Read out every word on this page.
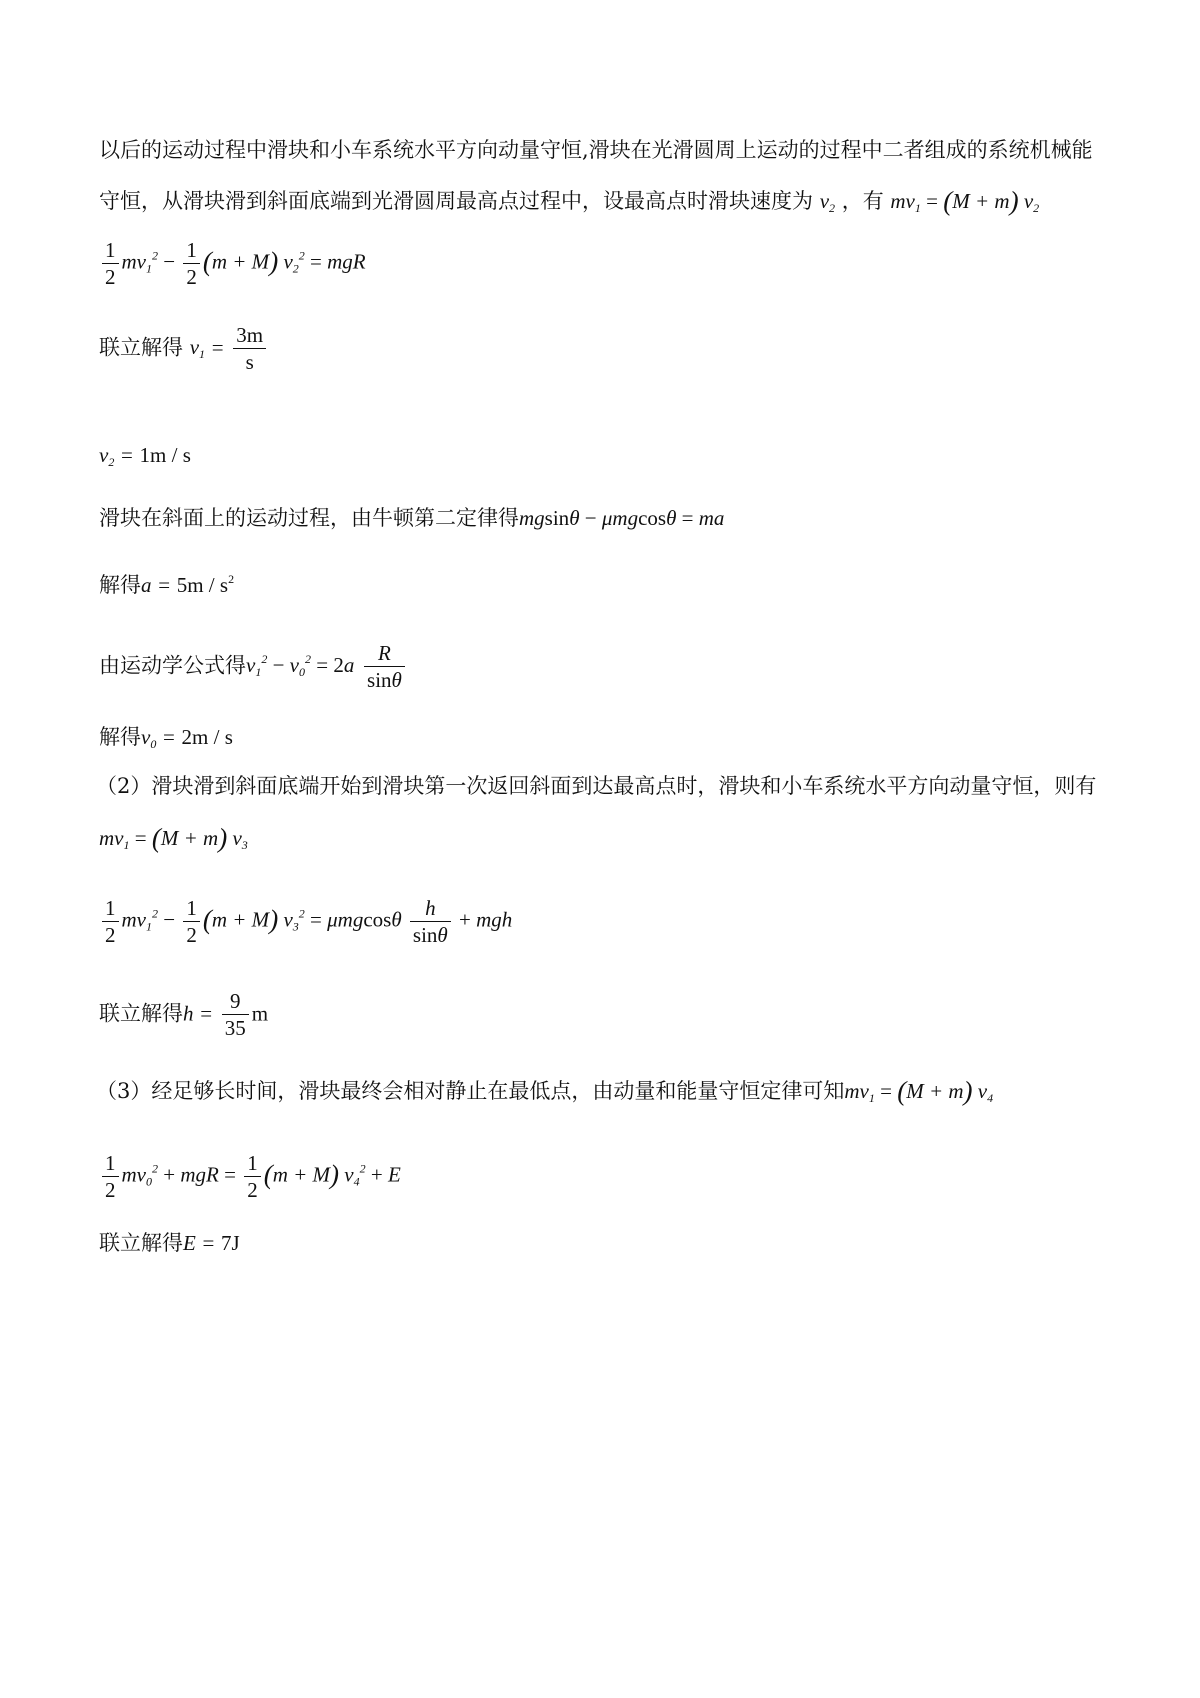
以后的运动过程中滑块和小车系统水平方向动量守恒,滑块在光滑圆周上运动的过程中二者组成的系统机械能
守恒，从滑块滑到斜面底端到光滑圆周最高点过程中，设最高点时滑块速度为 $v_2$ ，有 $mv_1 = (M + m)$ $v_2$
$\frac{1}{2} mv_1^2 - \frac{1}{2} (m + M) v_2^2$ = mgR
联立解得 $v_1 = \frac{3m}{s}$
$v_2 = 1m / s$
滑块在斜面上的运动过程，由牛顿第二定律得mgsinθ − μmgcosθ = ma
解得$a = 5m / s^2$
由运动学公式得$v_1^2 - v_0^2 = 2a \frac{R}{\sin\theta}$
解得$v_0 = 2m / s$
（2）滑块滑到斜面底端开始到滑块第一次返回斜面到达最高点时，滑块和小车系统水平方向动量守恒，则有
$mv_1 = (M + m)$ $v_3$
$\frac{1}{2} mv_1^2 - \frac{1}{2} (m + M) v_3^2 = \mu mgcos\theta \frac{h}{\sin\theta}$ + mgh
联立解得$h = \frac{9}{35}$ m
（3）经足够长时间，滑块最终会相对静止在最低点，由动量和能量守恒定律可知$mv_1 = (M + m)$ $v_4$
$\frac{1}{2} mv_0^2$ + mgR = $\frac{1}{2} (m + M) v_4^2 + E$
联立解得E = 7J
